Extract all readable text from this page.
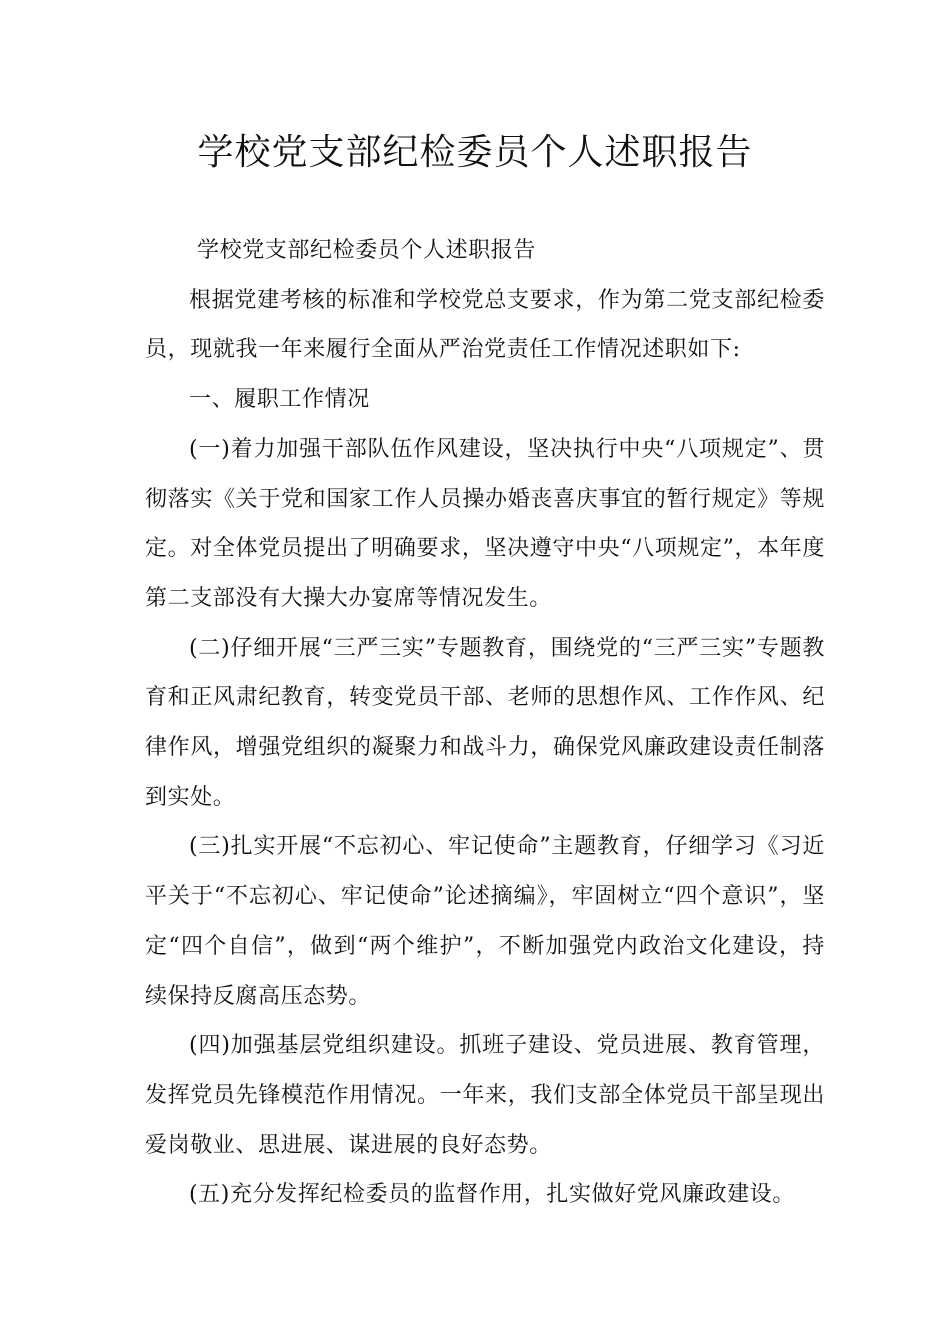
学校党支部纪检委员个人述职报告

学校党支部纪检委员个人述职报告

根据党建考核的标准和学校党总支要求，作为第二党支部纪检委员，现就我一年来履行全面从严治党责任工作情况述职如下:

一、履职工作情况

(一)着力加强干部队伍作风建设，坚决执行中央“八项规定”、贯彻落实《关于党和国家工作人员操办婚丧喜庆事宜的暂行规定》等规定。对全体党员提出了明确要求，坚决遵守中央“八项规定”，本年度第二支部没有大操大办宴席等情况发生。

(二)仔细开展“三严三实”专题教育，围绕党的“三严三实”专题教育和正风肃纪教育，转变党员干部、老师的思想作风、工作作风、纪律作风，增强党组织的凝聚力和战斗力，确保党风廉政建设责任制落到实处。

(三)扎实开展“不忘初心、牢记使命”主题教育，仔细学习《习近平关于“不忘初心、牢记使命”论述摘编》，牢固树立“四个意识”，坚定“四个自信”，做到“两个维护”，不断加强党内政治文化建设，持续保持反腐高压态势。

(四)加强基层党组织建设。抓班子建设、党员进展、教育管理，发挥党员先锋模范作用情况。一年来，我们支部全体党员干部呈现出爱岗敬业、思进展、谋进展的良好态势。

(五)充分发挥纪检委员的监督作用，扎实做好党风廉政建设。
